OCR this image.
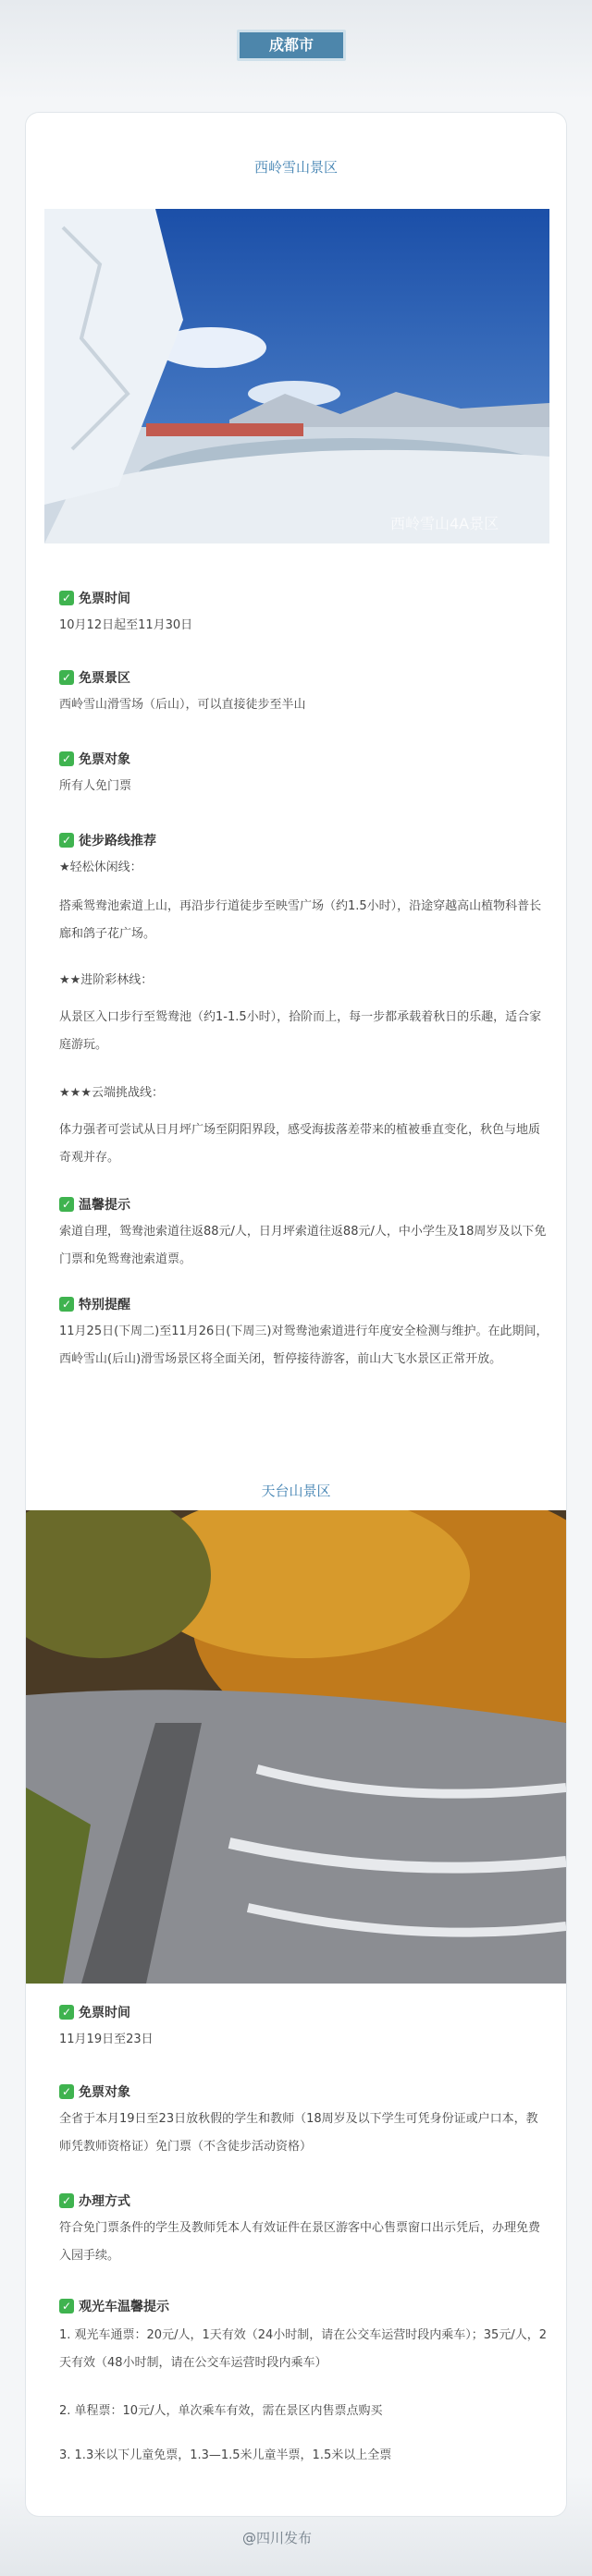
成都市
西岭雪山景区
西岭雪山4A景区
✓ 免票时间
10月12日起至11月30日
✓ 免票景区
西岭雪山滑雪场（后山），可以直接徒步至半山
✓ 免票对象
所有人免门票
✓ 徒步路线推荐
★轻松休闲线：
搭乘鸳鸯池索道上山，再沿步行道徒步至映雪广场（约1.5小时），沿途穿越高山植物科普长廊和鸽子花广场。
★★进阶彩林线：
从景区入口步行至鸳鸯池（约1-1.5小时），拾阶而上，每一步都承载着秋日的乐趣，适合家庭游玩。
★★★云端挑战线：
体力强者可尝试从日月坪广场至阴阳界段，感受海拔落差带来的植被垂直变化，秋色与地质奇观并存。
✓ 温馨提示
索道自理，鸳鸯池索道往返88元/人，日月坪索道往返88元/人，中小学生及18周岁及以下免门票和免鸳鸯池索道票。
✓ 特别提醒
11月25日(下周二)至11月26日(下周三)对鸳鸯池索道进行年度安全检测与维护。在此期间，西岭雪山(后山)滑雪场景区将全面关闭，暂停接待游客，前山大飞水景区正常开放。
天台山景区
✓ 免票时间
11月19日至23日
✓ 免票对象
全省于本月19日至23日放秋假的学生和教师（18周岁及以下学生可凭身份证或户口本，教师凭教师资格证）免门票（不含徒步活动资格）
✓ 办理方式
符合免门票条件的学生及教师凭本人有效证件在景区游客中心售票窗口出示凭后，办理免费入园手续。
✓ 观光车温馨提示
1. 观光车通票：20元/人，1天有效（24小时制，请在公交车运营时段内乘车）；35元/人，2天有效（48小时制，请在公交车运营时段内乘车）
2. 单程票：10元/人，单次乘车有效，需在景区内售票点购买
3. 1.3米以下儿童免票，1.3—1.5米儿童半票，1.5米以上全票
@四川发布
